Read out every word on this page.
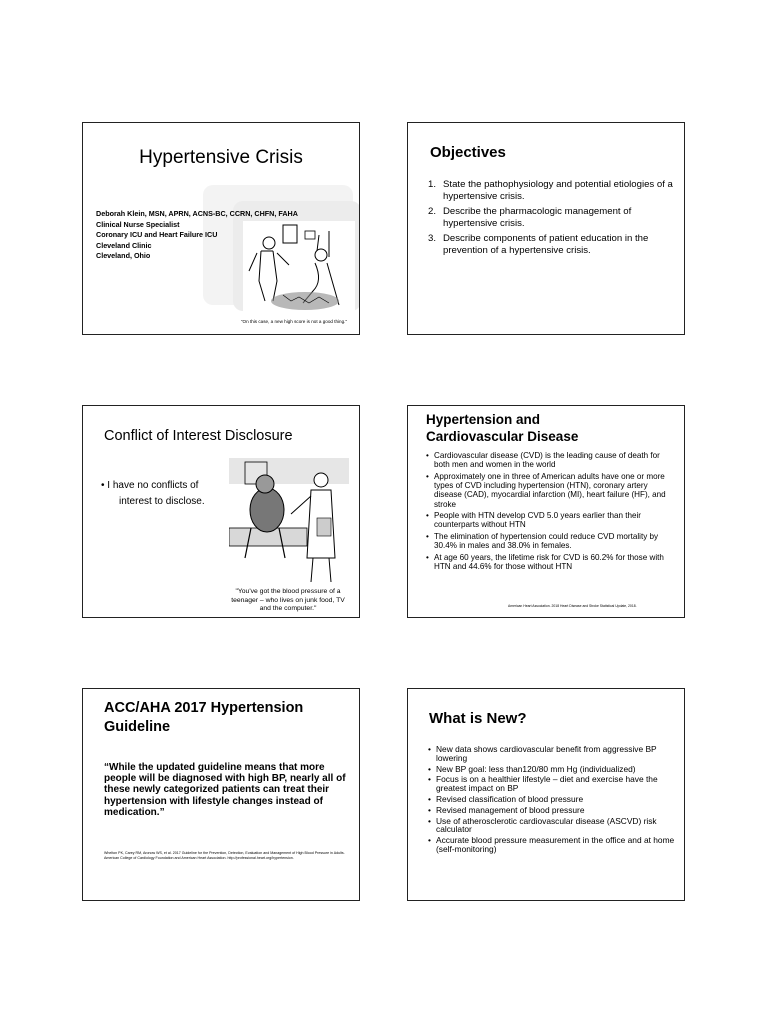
Hypertensive Crisis
Deborah Klein, MSN, APRN, ACNS-BC, CCRN, CHFN, FAHA
Clinical Nurse Specialist
Coronary ICU and Heart Failure ICU
Cleveland Clinic
Cleveland, Ohio
"On this case, a new high score is not a good thing."
Objectives
1. State the pathophysiology and potential etiologies of a hypertensive crisis.
2. Describe the pharmacologic management of hypertensive crisis.
3. Describe components of patient education in the prevention of a hypertensive crisis.
Conflict of Interest Disclosure
• I have no conflicts of
interest to disclose.
"You've got the blood pressure of a teenager – who lives on junk food, TV and the computer."
Hypertension and
Cardiovascular Disease
• Cardiovascular disease (CVD) is the leading cause of death for both men and women in the world
• Approximately one in three of American adults have one or more types of CVD including hypertension (HTN), coronary artery disease (CAD), myocardial infarction (MI), heart failure (HF), and stroke
• People with HTN develop CVD 5.0 years earlier than their counterparts without HTN
• The elimination of hypertension could reduce CVD mortality by 30.4% in males and 38.0% in females.
• At age 60 years, the lifetime risk for CVD is 60.2% for those with HTN and 44.6% for those without HTN
American Heart Association. 2018 Heart Disease and Stroke Statistical Update, 2018.
ACC/AHA 2017 Hypertension
Guideline
“While the updated guideline means that more people will be diagnosed with high BP, nearly all of these newly categorized patients can treat their hypertension with lifestyle changes instead of medication.”
Whelton PK, Carey RM, Aronow WS, et al. 2017 Guideline for the Prevention, Detection, Evaluation and Management of High Blood Pressure in Adults. American College of Cardiology Foundation and American Heart Association. http://professional.heart.org/hypertension.
What is New?
• New data shows cardiovascular benefit from aggressive BP lowering
• New BP goal: less than120/80 mm Hg (individualized)
• Focus is on a healthier lifestyle – diet and exercise have the greatest impact on BP
• Revised classification of blood pressure
• Revised management of blood pressure
• Use of atherosclerotic cardiovascular disease (ASCVD) risk calculator
• Accurate blood pressure measurement in the office and at home (self-monitoring)
